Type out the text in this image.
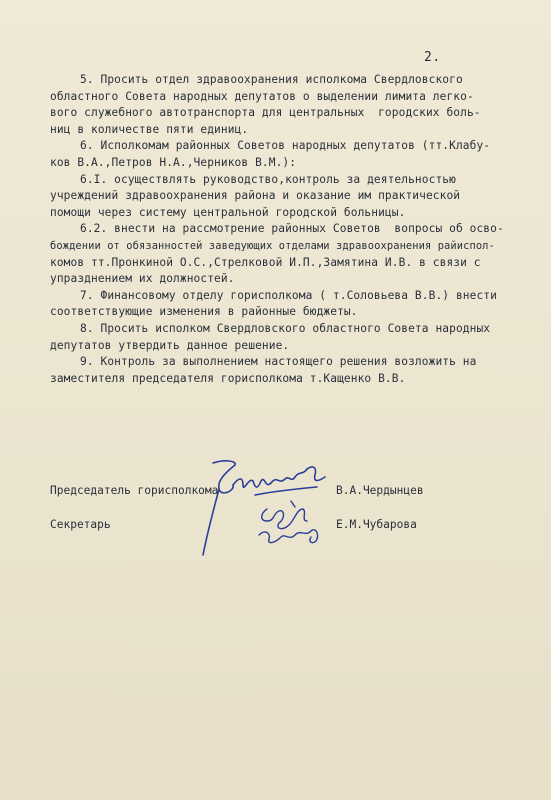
2.
5. Просить отдел здравоохранения исполкома Свердловского
областного Совета народных депутатов о выделении лимита легко-
вого служебного автотранспорта для центральных  городских боль-
ниц в количестве пяти единиц.
6. Исполкомам районных Советов народных депутатов (тт.Клабу-
ков В.А.,Петров Н.А.,Черников В.М.):
6.I. осуществлять руководство,контроль за деятельностью
учреждений здравоохранения района и оказание им практической
помощи через систему центральной городской больницы.
6.2. внести на рассмотрение районных Советов  вопросы об осво-
бождении от обязанностей заведующих отделами здравоохранения райиспол-
комов тт.Пронкиной О.С.,Стрелковой И.П.,Замятина И.В. в связи с
упразднением их должностей.
7. Финансовому отделу горисполкома ( т.Соловьева В.В.) внести
соответствующие изменения в районные бюджеты.
8. Просить исполком Свердловского областного Совета народных
депутатов утвердить данное решение.
9. Контроль за выполнением настоящего решения возложить на
заместителя председателя горисполкома т.Кащенко В.В.
Председатель горисполкома	В.А.Чердынцев
Секретарь	Е.М.Чубарова
